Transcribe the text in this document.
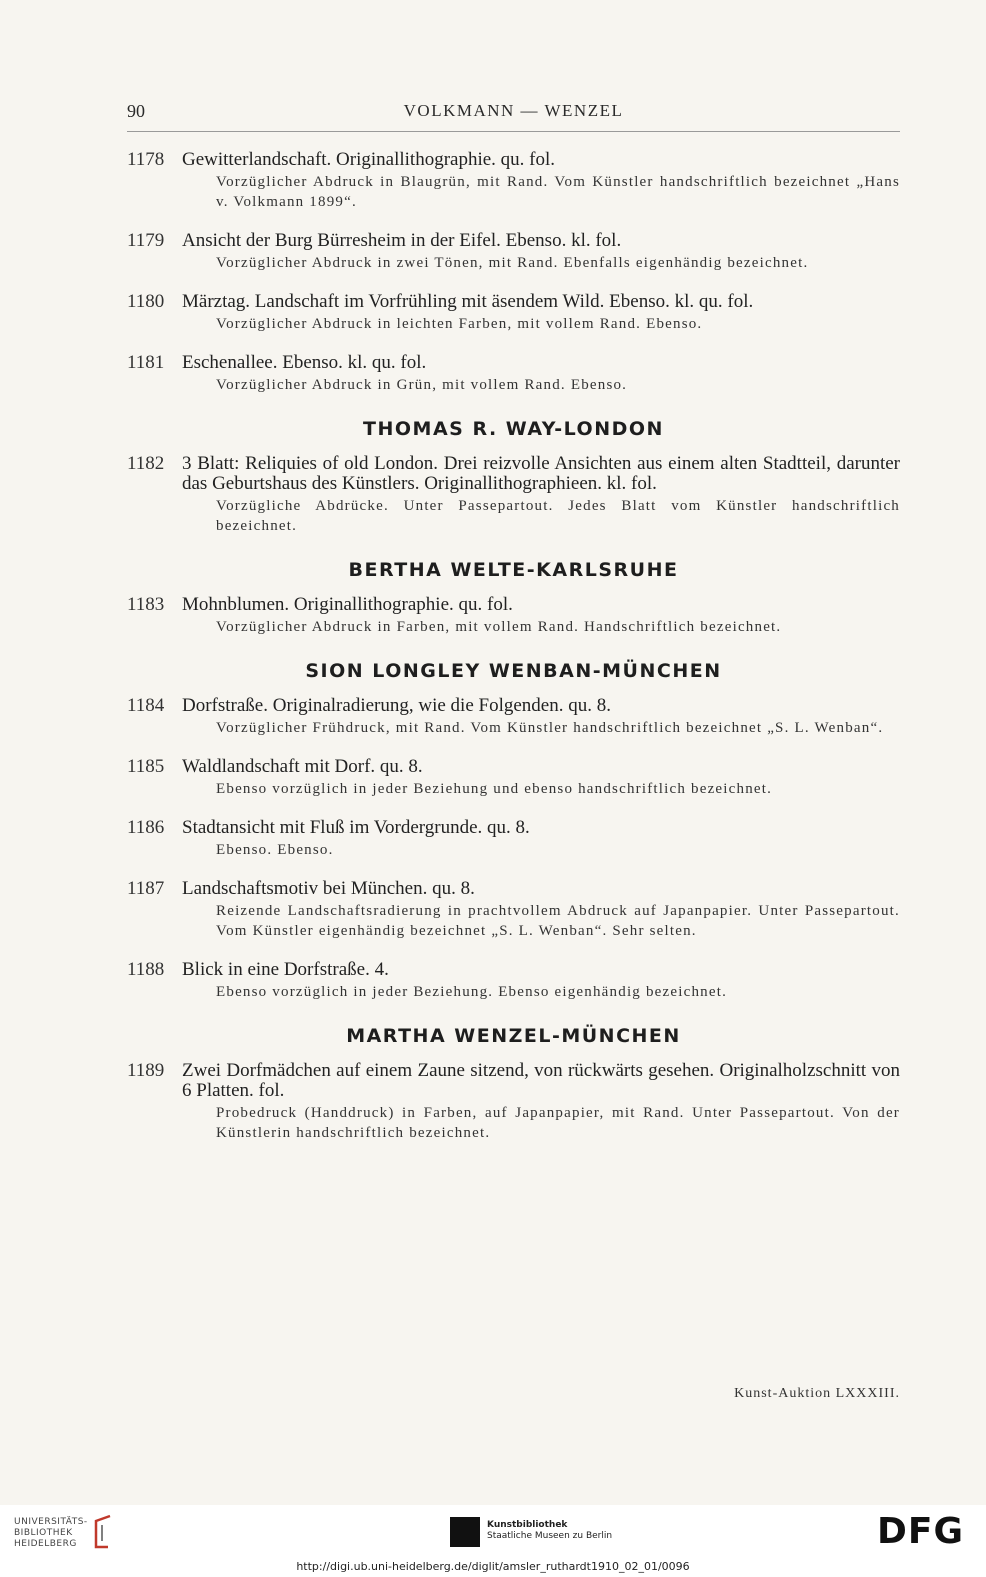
90	VOLKMANN — WENZEL
1178 Gewitterlandschaft. Originallithographie. qu. fol.
Vorzüglicher Abdruck in Blaugrün, mit Rand. Vom Künstler handschriftlich bezeichnet „Hans v. Volkmann 1899“.
1179 Ansicht der Burg Bürresheim in der Eifel. Ebenso. kl. fol.
Vorzüglicher Abdruck in zwei Tönen, mit Rand. Ebenfalls eigenhändig bezeichnet.
1180 Märztag. Landschaft im Vorfrühling mit äsendem Wild. Ebenso. kl. qu. fol.
Vorzüglicher Abdruck in leichten Farben, mit vollem Rand. Ebenso.
1181 Eschenallee. Ebenso. kl. qu. fol.
Vorzüglicher Abdruck in Grün, mit vollem Rand. Ebenso.
THOMAS R. WAY-LONDON
1182 3 Blatt: Reliquies of old London. Drei reizvolle Ansichten aus einem alten Stadtteil, darunter das Geburtshaus des Künstlers. Originallithographieen. kl. fol.
Vorzügliche Abdrücke. Unter Passepartout. Jedes Blatt vom Künstler handschriftlich bezeichnet.
BERTHA WELTE-KARLSRUHE
1183 Mohnblumen. Originallithographie. qu. fol.
Vorzüglicher Abdruck in Farben, mit vollem Rand. Handschriftlich bezeichnet.
SION LONGLEY WENBAN-MÜNCHEN
1184 Dorfstraße. Originalradierung, wie die Folgenden. qu. 8.
Vorzüglicher Frühdruck, mit Rand. Vom Künstler handschriftlich bezeichnet „S. L. Wenban“.
1185 Waldlandschaft mit Dorf. qu. 8.
Ebenso vorzüglich in jeder Beziehung und ebenso handschriftlich bezeichnet.
1186 Stadtansicht mit Fluß im Vordergrunde. qu. 8.
Ebenso. Ebenso.
1187 Landschaftsmotiv bei München. qu. 8.
Reizende Landschaftsradierung in prachtvollem Abdruck auf Japanpapier. Unter Passepartout. Vom Künstler eigenhändig bezeichnet „S. L. Wenban“. Sehr selten.
1188 Blick in eine Dorfstraße. 4.
Ebenso vorzüglich in jeder Beziehung. Ebenso eigenhändig bezeichnet.
MARTHA WENZEL-MÜNCHEN
1189 Zwei Dorfmädchen auf einem Zaune sitzend, von rückwärts gesehen. Originalholzschnitt von 6 Platten. fol.
Probedruck (Handdruck) in Farben, auf Japanpapier, mit Rand. Unter Passepartout. Von der Künstlerin handschriftlich bezeichnet.
Kunst-Auktion LXXXIII.
UNIVERSITÄTS-
BIBLIOTHEK
HEIDELBERG
Kunstbibliothek
Staatliche Museen zu Berlin	DFG
http://digi.ub.uni-heidelberg.de/diglit/amsler_ruthardt1910_02_01/0096
